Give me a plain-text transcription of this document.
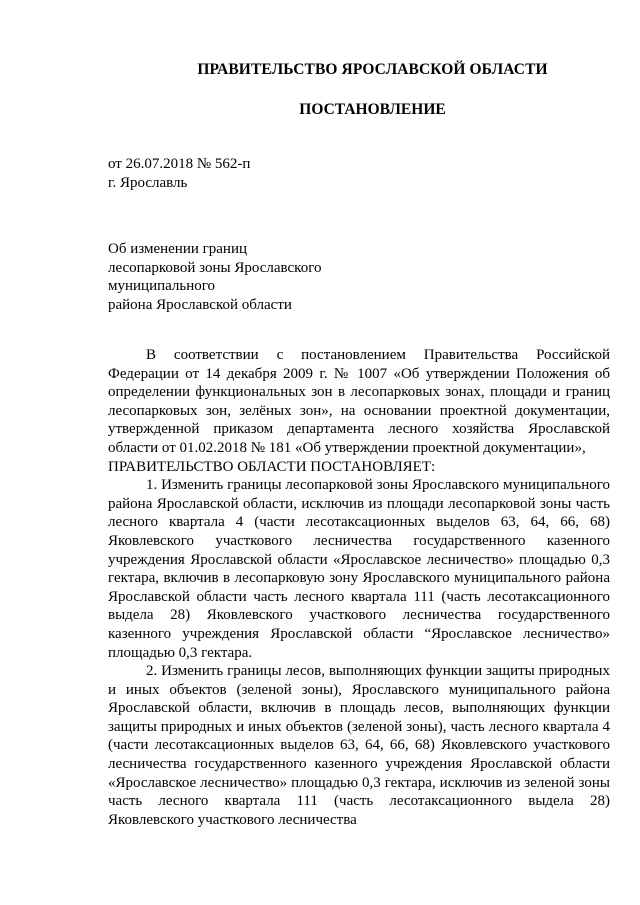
ПРАВИТЕЛЬСТВО ЯРОСЛАВСКОЙ ОБЛАСТИ
ПОСТАНОВЛЕНИЕ
от 26.07.2018 № 562-п
г. Ярославль
Об изменении границ
лесопарковой зоны Ярославского
муниципального
района Ярославской области

В соответствии с постановлением Правительства Российской Федерации от 14 декабря 2009 г. № 1007 «Об утверждении Положения об определении функциональных зон в лесопарковых зонах, площади и границ лесопарковых зон, зелёных зон», на основании проектной документации, утвержденной приказом департамента лесного хозяйства Ярославской области от 01.02.2018 № 181 «Об утверждении проектной документации»,

ПРАВИТЕЛЬСТВО ОБЛАСТИ ПОСТАНОВЛЯЕТ:

1. Изменить границы лесопарковой зоны Ярославского муниципального района Ярославской области, исключив из площади лесопарковой зоны часть лесного квартала 4 (части лесотаксационных выделов 63, 64, 66, 68) Яковлевского участкового лесничества государственного казенного учреждения Ярославской области «Ярославское лесничество» площадью 0,3 гектара, включив в лесопарковую зону Ярославского муниципального района Ярославской области часть лесного квартала 111 (часть лесотаксационного выдела 28) Яковлевского участкового лесничества государственного казенного учреждения Ярославской области “Ярославское лесничество» площадью 0,3 гектара.

2. Изменить границы лесов, выполняющих функции защиты природных и иных объектов (зеленой зоны), Ярославского муниципального района Ярославской области, включив в площадь лесов, выполняющих функции защиты природных и иных объектов (зеленой зоны), часть лесного квартала 4 (части лесотаксационных выделов 63, 64, 66, 68) Яковлевского участкового лесничества государственного казенного учреждения Ярославской области «Ярославское лесничество» площадью 0,3 гектара, исключив из зеленой зоны часть лесного квартала 111 (часть лесотаксационного выдела 28) Яковлевского участкового лесничества
